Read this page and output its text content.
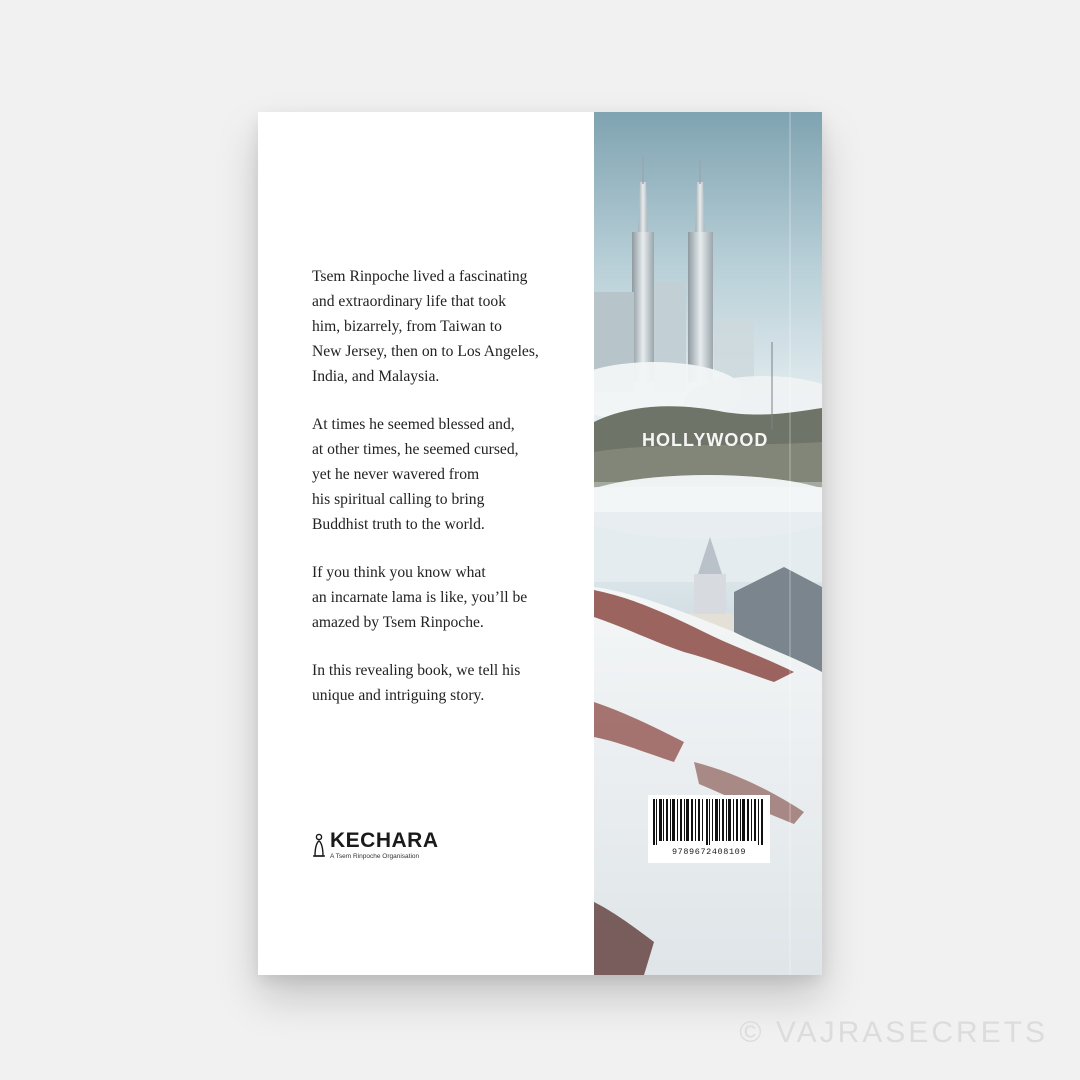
Tsem Rinpoche lived a fascinating
and extraordinary life that took
him, bizarrely, from Taiwan to
New Jersey, then on to Los Angeles,
India, and Malaysia.

At times he seemed blessed and,
at other times, he seemed cursed,
yet he never wavered from
his spiritual calling to bring
Buddhist truth to the world.

If you think you know what
an incarnate lama is like, you’ll be
amazed by Tsem Rinpoche.

In this revealing book, we tell his
unique and intriguing story.

KECHARA
A Tsem Rinpoche Organisation
HOLLYWOOD
9789672408109
© VAJRASECRETS
